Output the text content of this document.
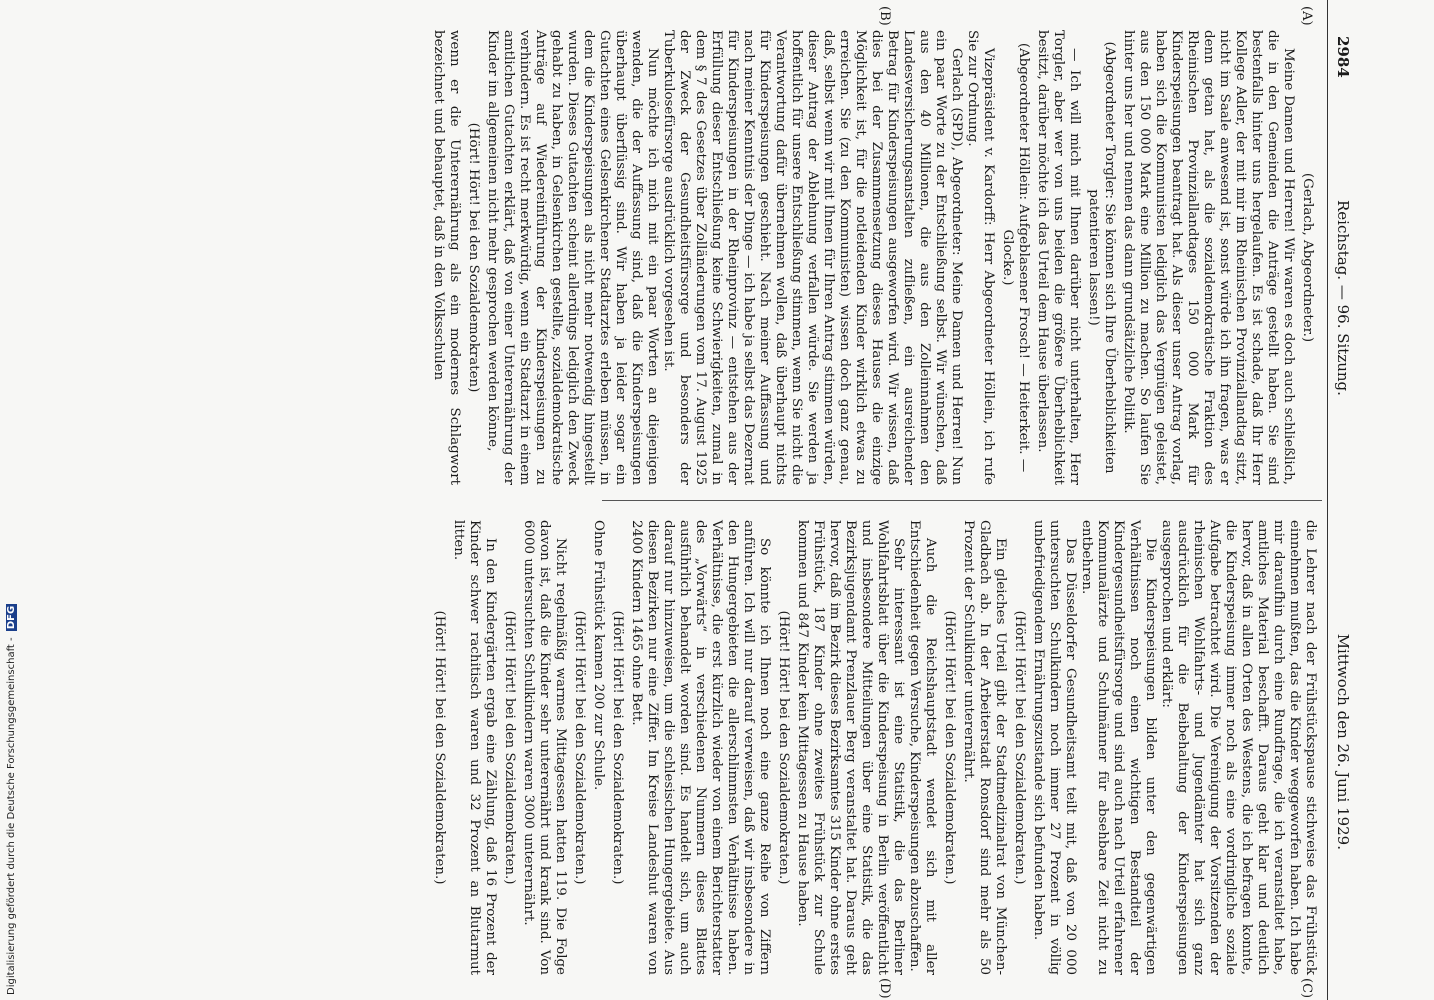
2984
Reichstag. — 96. Sitzung.
Mittwoch den 26. Juni 1929.
(A)
(B)
(C)
(D)

(Gerlach, Abgeordneter.)

Meine Damen und Herren! Wir waren es doch auch schließlich, die in den Gemeinden die Anträge gestellt haben. Sie sind bestenfalls hinter uns hergelaufen. Es ist schade, daß Ihr Herr Kollege Adler, der mit mir im Rheinischen Provinziallandtag sitzt, nicht im Saale anwesend ist, sonst würde ich ihn fragen, was er denn getan hat, als die sozialdemokratische Fraktion des Rheinischen Provinziallandtages 150 000 Mark für Kinderspeisungen beantragt hat. Als dieser unser Antrag vorlag, haben sich die Kommunisten lediglich das Vergnügen geleistet, aus den 150 000 Mark eine Million zu machen. So laufen Sie hinter uns her und nennen das dann grundsätzliche Politik.

(Abgeordneter Torgler: Sie können sich Ihre Überheblichkeiten patentieren lassen!)

— Ich will mich mit Ihnen darüber nicht unterhalten, Herr Torgler, aber wer von uns beiden die größere Überheblichkeit besitzt, darüber möchte ich das Urteil dem Hause überlassen.

(Abgeordneter Höllein: Aufgeblasener Frosch! — Heiterkeit. — Glocke.)

Vizepräsident v. Kardorff: Herr Abgeordneter Höllein, ich rufe Sie zur Ordnung.

Gerlach (SPD), Abgeordneter: Meine Damen und Herren! Nun ein paar Worte zu der Entschließung selbst. Wir wünschen, daß aus den 40 Millionen, die aus den Zolleinnahmen den Landesversicherungsanstalten zufließen, ein ausreichender Betrag für Kinderspeisungen ausgeworfen wird. Wir wissen, daß dies bei der Zusammensetzung dieses Hauses die einzige Möglichkeit ist, für die notleidenden Kinder wirklich etwas zu erreichen. Sie (zu den Kommunisten) wissen doch ganz genau, daß, selbst wenn wir mit Ihnen für Ihren Antrag stimmen würden, dieser Antrag der Ablehnung verfallen würde. Sie werden ja hoffentlich für unsere Entschließung stimmen, wenn Sie nicht die Verantwortung dafür übernehmen wollen, daß überhaupt nichts für Kinderspeisungen geschieht. Nach meiner Auffassung und nach meiner Kenntnis der Dinge — ich habe ja selbst das Dezernat für Kinderspeisungen in der Rheinprovinz — entstehen aus der Erfüllung dieser Entschließung keine Schwierigkeiten, zumal in dem § 7 des Gesetzes über Zolländerungen vom 17. August 1925 der Zweck der Gesundheitsfürsorge und besonders der Tuberkulosefürsorge ausdrücklich vorgesehen ist.

Nun möchte ich mich mit ein paar Worten an diejenigen wenden, die der Auffassung sind, daß die Kinderspeisungen überhaupt überflüssig sind. Wir haben ja leider sogar ein Gutachten eines Gelsenkirchener Stadtarztes erleben müssen, in dem die Kinderspeisungen als nicht mehr notwendig hingestellt wurden. Dieses Gutachten scheint allerdings lediglich den Zweck gehabt zu haben, in Gelsenkirchen gestellte, sozialdemokratische Anträge auf Wiedereinführung der Kinderspeisungen zu verhindern. Es ist recht merkwürdig, wenn ein Stadtarzt in einem amtlichen Gutachten erklärt, daß von einer Unterernährung der Kinder im allgemeinen nicht mehr gesprochen werden könne,

(Hört! Hört! bei den Sozialdemokraten)

wenn er die Unterernährung als ein modernes Schlagwort bezeichnet und behauptet, daß in den Volksschulen

die Lehrer nach der Frühstückspause stichweise das Frühstück einnehmen mußten, das die Kinder weggeworfen haben. Ich habe mir daraufhin durch eine Rundfrage, die ich veranstaltet habe, amtliches Material beschafft. Daraus geht klar und deutlich hervor, daß in allen Orten des Westens, die ich befragen konnte, die Kinderspeisung immer noch als eine vordringliche soziale Aufgabe betrachtet wird. Die Vereinigung der Vorsitzenden der rheinischen Wohlfahrts- und Jugendämter hat sich ganz ausdrücklich für die Beibehaltung der Kinderspeisungen ausgesprochen und erklärt:

Die Kinderspeisungen bilden unter den gegenwärtigen Verhältnissen noch einen wichtigen Bestandteil der Kindergesundheitsfürsorge und sind auch nach Urteil erfahrener Kommunalärzte und Schulmänner für absehbare Zeit nicht zu entbehren.

Das Düsseldorfer Gesundheitsamt teilt mit, daß von 20 000 untersuchten Schulkindern noch immer 27 Prozent in völlig unbefriedigendem Ernährungszustande sich befunden haben.

(Hört! Hört! bei den Sozialdemokraten.)

Ein gleiches Urteil gibt der Stadtmedizinalrat von München-Gladbach ab. In der Arbeiterstadt Ronsdorf sind mehr als 50 Prozent der Schulkinder unterernährt.

(Hört! Hört! bei den Sozialdemokraten.)

Auch die Reichshauptstadt wendet sich mit aller Entschiedenheit gegen Versuche, Kinderspeisungen abzuschaffen.

Sehr interessant ist eine Statistik, die das Berliner Wohlfahrtsblatt über die Kinderspeisung in Berlin veröffentlicht und insbesondere Mitteilungen über eine Statistik, die das Bezirksjugendamt Prenzlauer Berg veranstaltet hat. Daraus geht hervor, daß im Bezirk dieses Bezirksamtes 315 Kinder ohne erstes Frühstück, 187 Kinder ohne zweites Frühstück zur Schule kommen und 847 Kinder kein Mittagessen zu Hause haben.

(Hört! Hört! bei den Sozialdemokraten.)

So könnte ich Ihnen noch eine ganze Reihe von Ziffern anführen. Ich will nur darauf verweisen, daß wir insbesondere in den Hungergebieten die allerschlimmsten Verhältnisse haben. Verhältnisse, die erst kürzlich wieder von einem Berichterstatter des „Vorwärts“ in verschiedenen Nummern dieses Blattes ausführlich behandelt worden sind. Es handelt sich, um auch darauf nur hinzuweisen, um die schlesischen Hungergebiete. Aus diesen Bezirken nur eine Ziffer. Im Kreise Landeshut waren von 2400 Kindern 1465 ohne Bett.

(Hört! Hört! bei den Sozialdemokraten.)

Ohne Frühstück kamen 200 zur Schule.

(Hört! Hört! bei den Sozialdemokraten.)

Nicht regelmäßig warmes Mittagessen hatten 119. Die Folge davon ist, daß die Kinder sehr unterernährt und krank sind. Von 6000 untersuchten Schulkindern waren 3000 unterernährt.

(Hört! Hört! bei den Sozialdemokraten.)

In den Kindergärten ergab eine Zählung, daß 16 Prozent der Kinder schwer rachitisch waren und 32 Prozent an Blutarmut litten.

(Hört! Hört! bei den Sozialdemokraten.)

Digitalisierung gefördert durch die Deutsche Forschungsgemeinschaft - DFG
